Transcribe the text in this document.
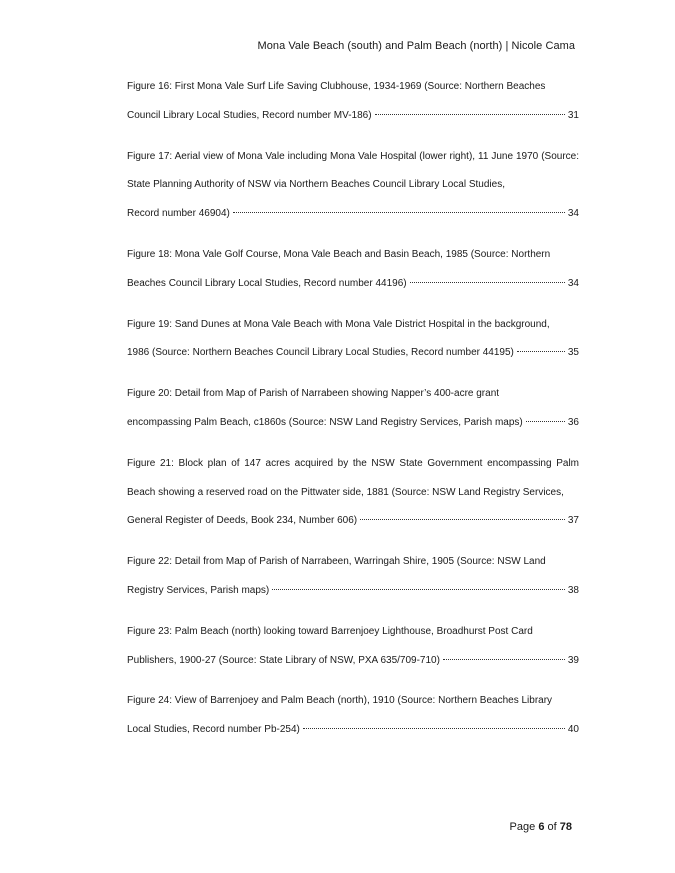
Mona Vale Beach (south) and Palm Beach (north) | Nicole Cama
Figure 16: First Mona Vale Surf Life Saving Clubhouse, 1934-1969 (Source: Northern Beaches
Council Library Local Studies, Record number MV-186)	31
Figure 17: Aerial view of Mona Vale including Mona Vale Hospital (lower right), 11 June 1970 (Source: State Planning Authority of NSW via Northern Beaches Council Library Local Studies,
Record number 46904)	34
Figure 18: Mona Vale Golf Course, Mona Vale Beach and Basin Beach, 1985 (Source: Northern
Beaches Council Library Local Studies, Record number 44196)	34
Figure 19: Sand Dunes at Mona Vale Beach with Mona Vale District Hospital in the background,
1986 (Source: Northern Beaches Council Library Local Studies, Record number 44195)	35
Figure 20: Detail from Map of Parish of Narrabeen showing Napper’s 400-acre grant
encompassing Palm Beach, c1860s (Source: NSW Land Registry Services, Parish maps)	36
Figure 21: Block plan of 147 acres acquired by the NSW State Government encompassing Palm Beach showing a reserved road on the Pittwater side, 1881 (Source: NSW Land Registry Services,
General Register of Deeds, Book 234, Number 606)	37
Figure 22: Detail from Map of Parish of Narrabeen, Warringah Shire, 1905 (Source: NSW Land
Registry Services, Parish maps)	38
Figure 23: Palm Beach (north) looking toward Barrenjoey Lighthouse, Broadhurst Post Card
Publishers, 1900-27 (Source: State Library of NSW, PXA 635/709-710)	39
Figure 24: View of Barrenjoey and Palm Beach (north), 1910 (Source: Northern Beaches Library
Local Studies, Record number Pb-254)	40
Page 6 of 78
